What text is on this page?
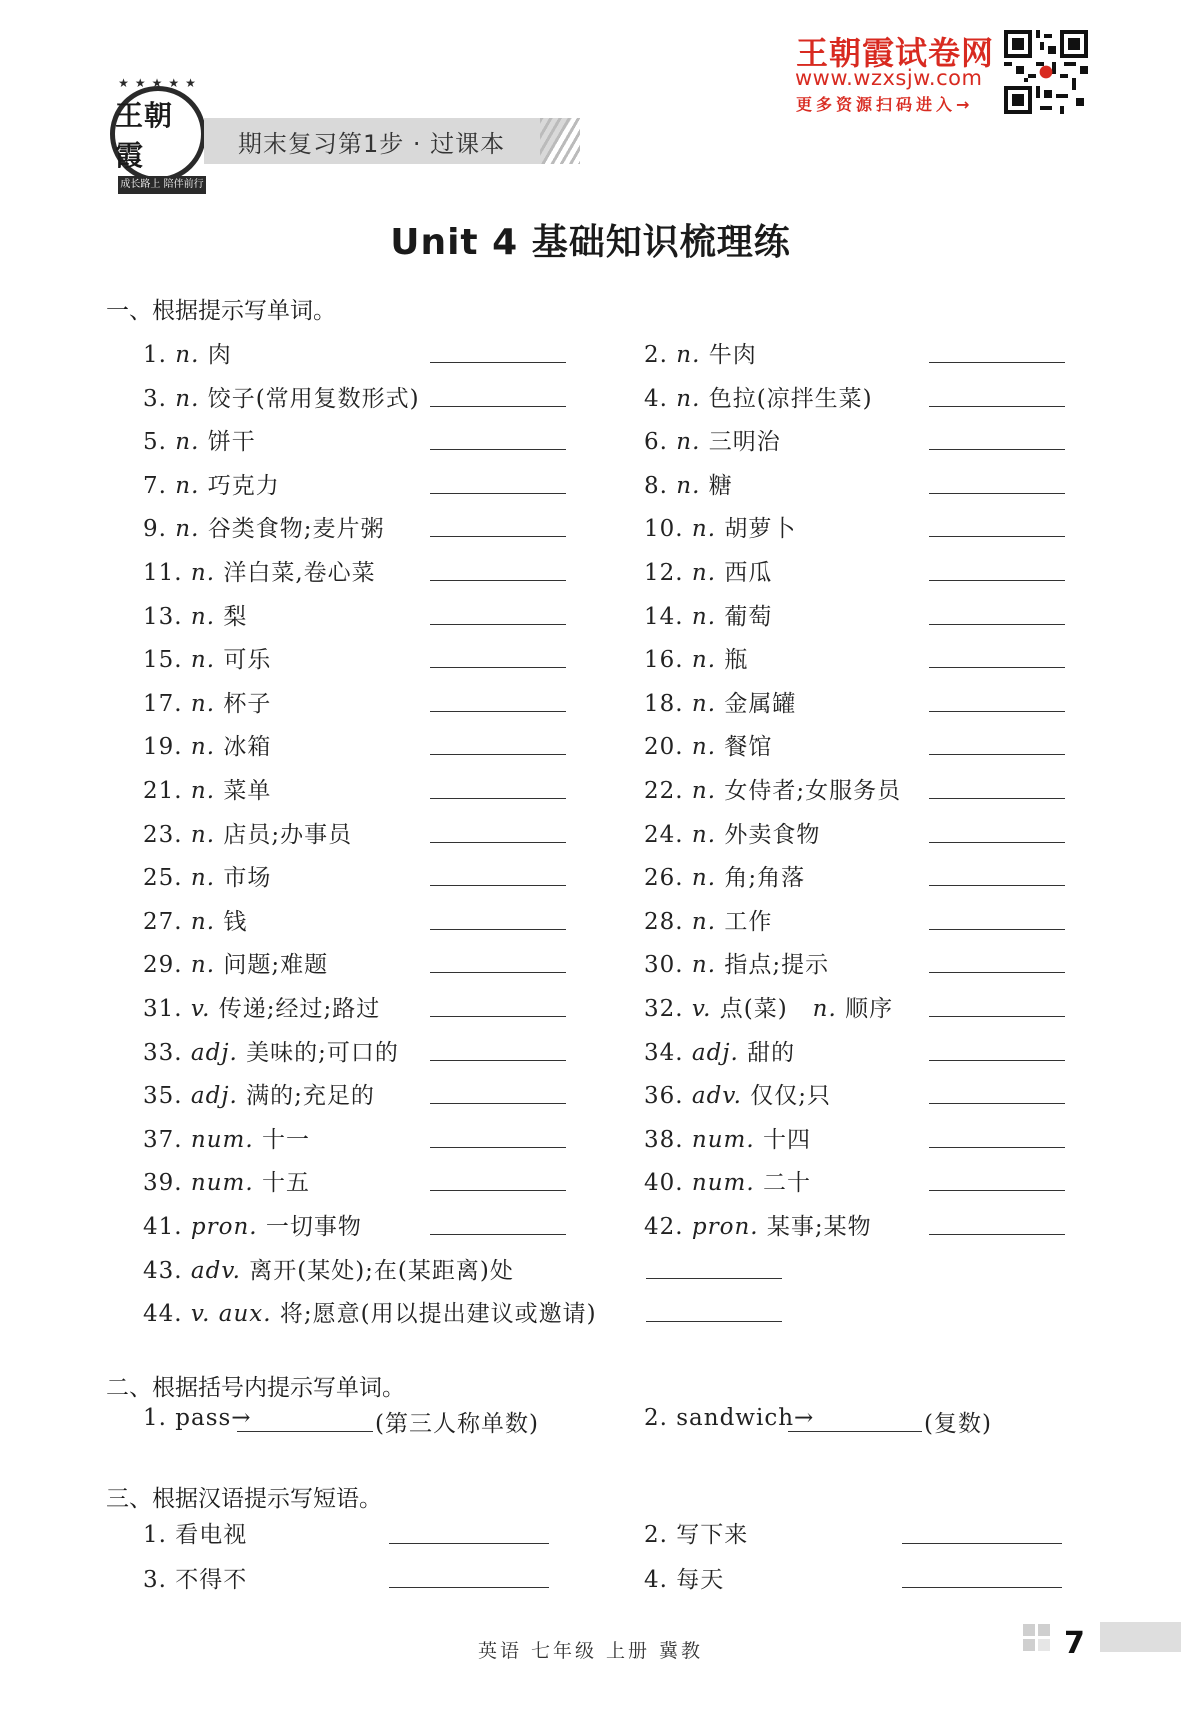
★★★★★
王朝霞
成长路上 陪伴前行
期末复习第1步 · 过课本
王朝霞试卷网
www.wzxsjw.com
更多资源扫码进入→
Unit 4 基础知识梳理练
一、根据提示写单词。
1. n. 肉	2. n. 牛肉
3. n. 饺子(常用复数形式)	4. n. 色拉(凉拌生菜)
5. n. 饼干	6. n. 三明治
7. n. 巧克力	8. n. 糖
9. n. 谷类食物;麦片粥	10. n. 胡萝卜
11. n. 洋白菜,卷心菜	12. n. 西瓜
13. n. 梨	14. n. 葡萄
15. n. 可乐	16. n. 瓶
17. n. 杯子	18. n. 金属罐
19. n. 冰箱	20. n. 餐馆
21. n. 菜单	22. n. 女侍者;女服务员
23. n. 店员;办事员	24. n. 外卖食物
25. n. 市场	26. n. 角;角落
27. n. 钱	28. n. 工作
29. n. 问题;难题	30. n. 指点;提示
31. v. 传递;经过;路过	32. v. 点(菜) n. 顺序
33. adj. 美味的;可口的	34. adj. 甜的
35. adj. 满的;充足的	36. adv. 仅仅;只
37. num. 十一	38. num. 十四
39. num. 十五	40. num. 二十
41. pron. 一切事物	42. pron. 某事;某物
43. adv. 离开(某处);在(某距离)处
44. v. aux. 将;愿意(用以提出建议或邀请)
二、根据括号内提示写单词。
1. pass→	(第三人称单数)	2. sandwich→	(复数)
三、根据汉语提示写短语。
1. 看电视	2. 写下来
3. 不得不	4. 每天
英语 七年级 上册 冀教	7
